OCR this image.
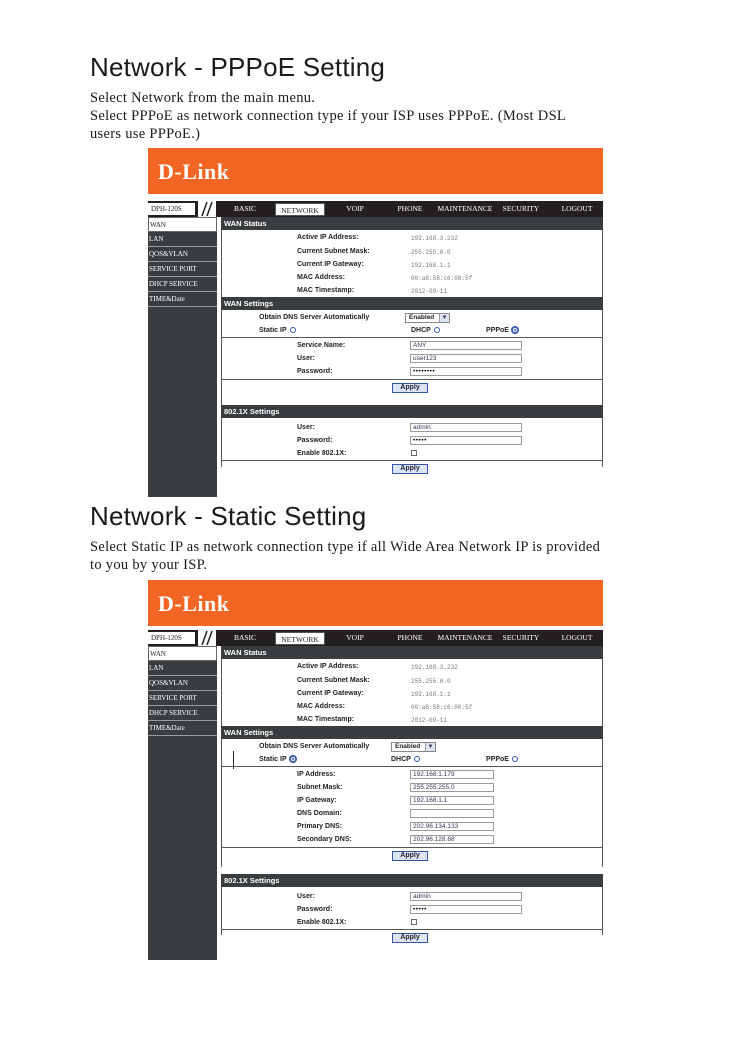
Network - PPPoE Setting
Select Network from the main menu.
Select PPPoE as network connection type if your ISP uses PPPoE. (Most DSL
users use PPPoE.)
D-Link
DPH-120S	BASIC	NETWORK	VOIP	PHONE	MAINTENANCE	SECURITY	LOGOUT
WAN
LAN
QOS&VLAN
SERVICE PORT
DHCP SERVICE
TIME&Date
WAN Status
Active IP Address:	192.168.3.232
Current Subnet Mask:	255.255.0.0
Current IP Gateway:	192.168.1.1
MAC Address:	00:a8:58:c6:00:5f
MAC Timestamp:	2012-09-11
WAN Settings
Obtain DNS Server Automatically	Enabled	▼
Static IP	DHCP	PPPoE
Service Name:	ANY
User:	user123
Password:	••••••••
Apply
802.1X Settings
User:	admin
Password:	•••••
Enable 802.1X:
Apply
Network - Static Setting
Select Static IP as network connection type if all Wide Area Network IP is provided
to you by your ISP.
D-Link
DPH-120S	BASIC	NETWORK	VOIP	PHONE	MAINTENANCE	SECURITY	LOGOUT
WAN
LAN
QOS&VLAN
SERVICE PORT
DHCP SERVICE
TIME&Date
WAN Status
Active IP Address:	192.168.3.232
Current Subnet Mask:	255.255.0.0
Current IP Gateway:	192.168.1.1
MAC Address:	00:a8:58:c6:00:5f
MAC Timestamp:	2012-09-11
WAN Settings
Obtain DNS Server Automatically	Enabled	▼
Static IP	DHCP	PPPoE
IP Address:	192.168.1.179
Subnet Mask:	255.255.255.0
IP Gateway:	192.168.1.1
DNS Domain:
Primary DNS:	202.96.134.133
Secondary DNS:	202.96.128.68
Apply
802.1X Settings
User:	admin
Password:	•••••
Enable 802.1X:
Apply
